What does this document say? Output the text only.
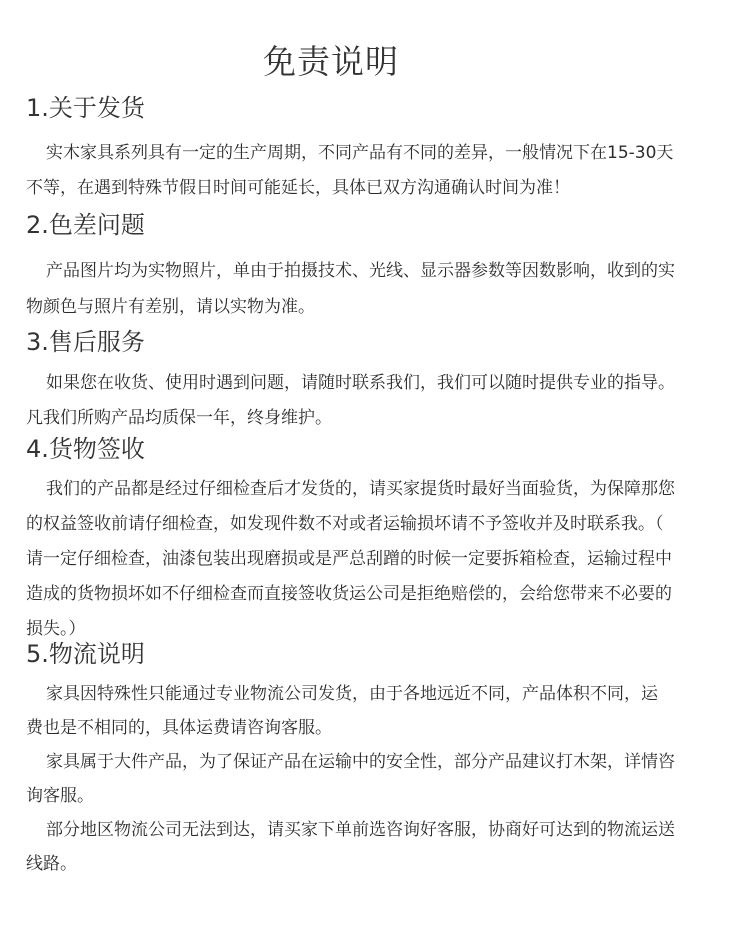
免责说明
1.关于发货
实木家具系列具有一定的生产周期，不同产品有不同的差异，一般情况下在15-30天
不等，在遇到特殊节假日时间可能延长，具体已双方沟通确认时间为准！
2.色差问题
产品图片均为实物照片，单由于拍摄技术、光线、显示器参数等因数影响，收到的实
物颜色与照片有差别，请以实物为准。
3.售后服务
如果您在收货、使用时遇到问题，请随时联系我们，我们可以随时提供专业的指导。
凡我们所购产品均质保一年，终身维护。
4.货物签收
我们的产品都是经过仔细检查后才发货的，请买家提货时最好当面验货，为保障那您
的权益签收前请仔细检查，如发现件数不对或者运输损坏请不予签收并及时联系我。（
请一定仔细检查，油漆包装出现磨损或是严总刮蹭的时候一定要拆箱检查，运输过程中
造成的货物损坏如不仔细检查而直接签收货运公司是拒绝赔偿的，会给您带来不必要的
损失。）
5.物流说明
家具因特殊性只能通过专业物流公司发货，由于各地远近不同，产品体积不同，运
费也是不相同的，具体运费请咨询客服。
家具属于大件产品，为了保证产品在运输中的安全性，部分产品建议打木架，详情咨
询客服。
部分地区物流公司无法到达，请买家下单前选咨询好客服，协商好可达到的物流运送
线路。
